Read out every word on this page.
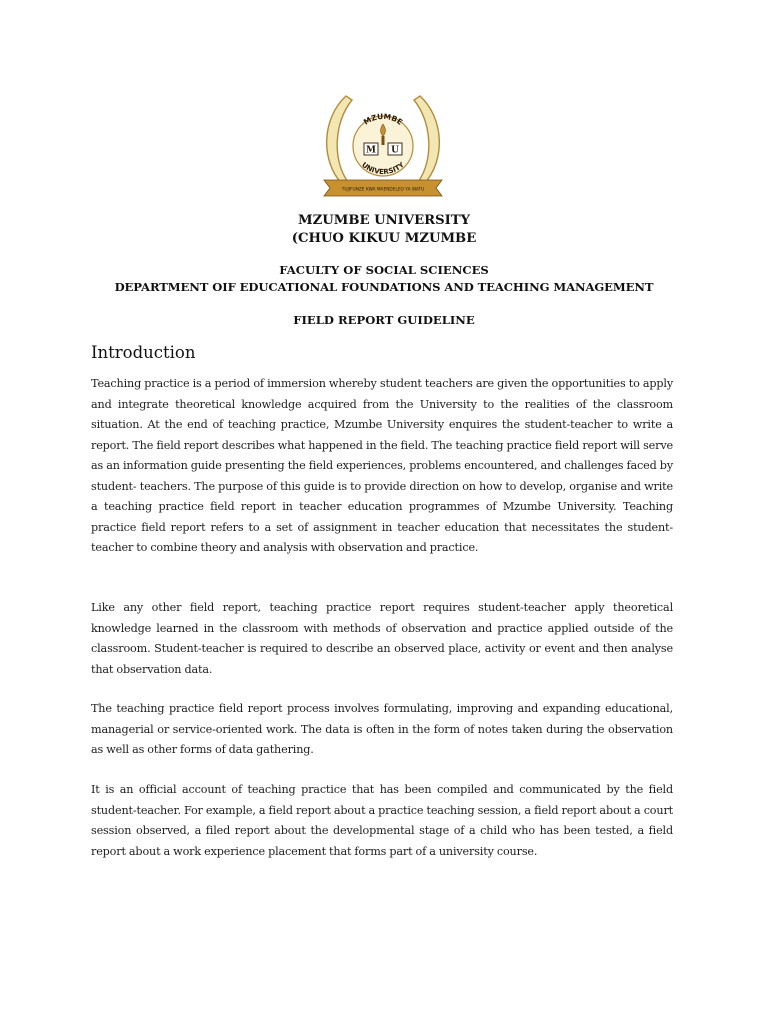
MZUMBE
M U
UNIVERSITY
TUJIFUNZE KWA MAENDELEO YA WATU
MZUMBE UNIVERSITY
(CHUO KIKUU MZUMBE
FACULTY OF SOCIAL SCIENCES
DEPARTMENT OIF EDUCATIONAL FOUNDATIONS AND TEACHING MANAGEMENT
FIELD REPORT GUIDELINE
Introduction

Teaching practice is a period of immersion whereby student teachers are given the opportunities to apply and integrate theoretical knowledge acquired from the University to the realities of the classroom situation. At the end of teaching practice, Mzumbe University enquires the student-teacher to write a report. The field report describes what happened in the field. The teaching practice field report will serve as an information guide presenting the field experiences, problems encountered, and challenges faced by student- teachers. The purpose of this guide is to provide direction on how to develop, organise and write a teaching practice field report in teacher education programmes of Mzumbe University. Teaching practice field report refers to a set of assignment in teacher education that necessitates the student-teacher to combine theory and analysis with observation and practice.

Like any other field report, teaching practice report requires student-teacher apply theoretical knowledge learned in the classroom with methods of observation and practice applied outside of the classroom. Student-teacher is required to describe an observed place, activity or event and then analyse that observation data.

The teaching practice field report process involves formulating, improving and expanding educational, managerial or service-oriented work. The data is often in the form of notes taken during the observation as well as other forms of data gathering.

It is an official account of teaching practice that has been compiled and communicated by the field student-teacher. For example, a field report about a practice teaching session, a field report about a court session observed, a filed report about the developmental stage of a child who has been tested, a field report about a work experience placement that forms part of a university course.
